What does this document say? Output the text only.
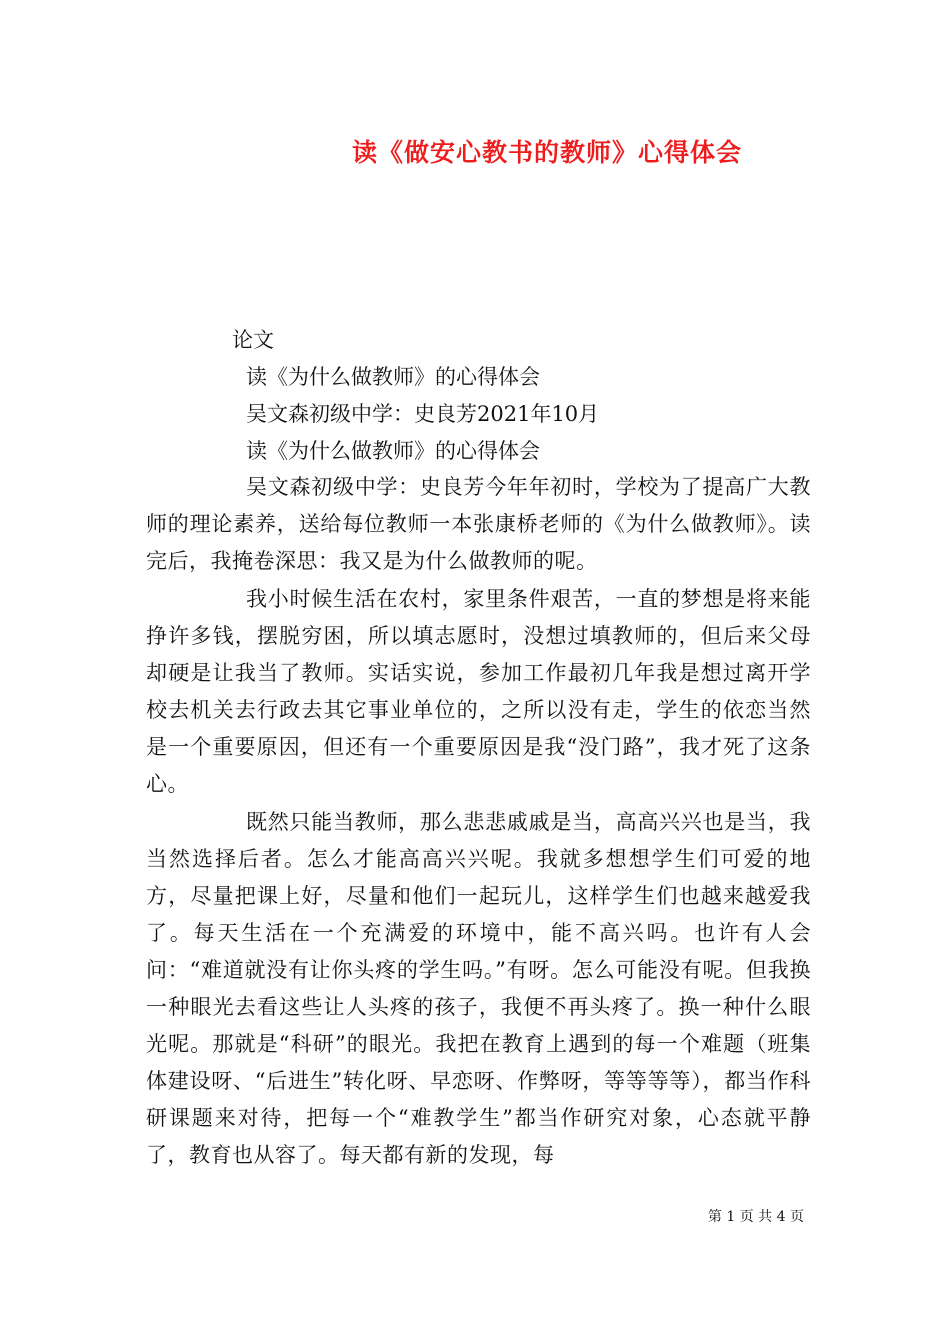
读《做安心教书的教师》心得体会
论文
读《为什么做教师》的心得体会
吴文森初级中学：史良芳2021年10月
读《为什么做教师》的心得体会

吴文森初级中学：史良芳今年年初时，学校为了提高广大教师的理论素养，送给每位教师一本张康桥老师的《为什么做教师》。读完后，我掩卷深思：我又是为什么做教师的呢。

我小时候生活在农村，家里条件艰苦，一直的梦想是将来能挣许多钱，摆脱穷困，所以填志愿时，没想过填教师的，但后来父母却硬是让我当了教师。实话实说，参加工作最初几年我是想过离开学校去机关去行政去其它事业单位的，之所以没有走，学生的依恋当然是一个重要原因，但还有一个重要原因是我“没门路”，我才死了这条心。

既然只能当教师，那么悲悲戚戚是当，高高兴兴也是当，我当然选择后者。怎么才能高高兴兴呢。我就多想想学生们可爱的地方，尽量把课上好，尽量和他们一起玩儿，这样学生们也越来越爱我了。每天生活在一个充满爱的环境中，能不高兴吗。也许有人会问：“难道就没有让你头疼的学生吗。”有呀。怎么可能没有呢。但我换一种眼光去看这些让人头疼的孩子，我便不再头疼了。换一种什么眼光呢。那就是“科研”的眼光。我把在教育上遇到的每一个难题（班集体建设呀、“后进生”转化呀、早恋呀、作弊呀，等等等等），都当作科研课题来对待，把每一个“难教学生”都当作研究对象，心态就平静了，教育也从容了。每天都有新的发现，每

第 1 页 共 4 页
